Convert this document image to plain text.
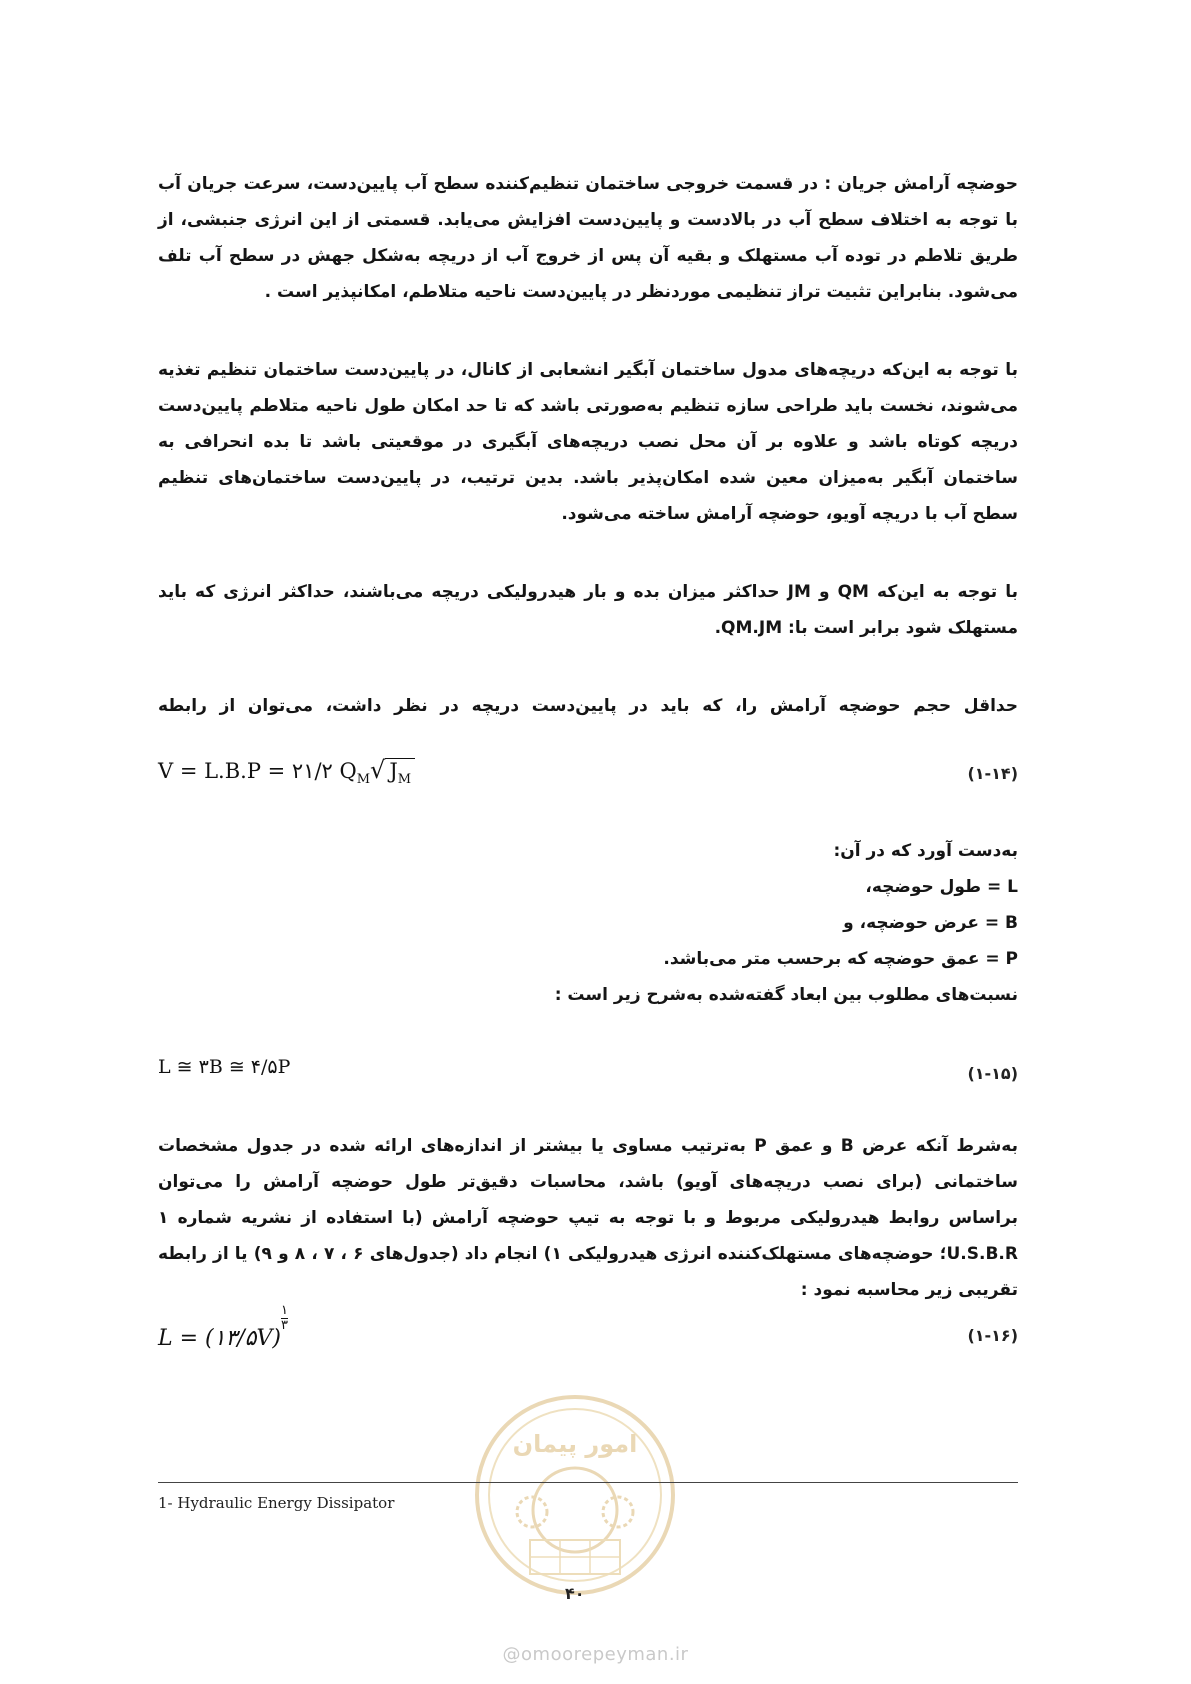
حوضچه آرامش جریان : در قسمت خروجی ساختمان تنظیم‌کننده سطح آب پایین‌دست، سرعت جریان آب با توجه به اختلاف سطح آب در بالادست و پایین‌دست افزایش می‌یابد. قسمتی از این انرژی جنبشی، از طریق تلاطم در توده آب مستهلک و بقیه آن پس از خروج آب از دریچه به‌شکل جهش در سطح آب تلف می‌شود. بنابراین تثبیت تراز تنظیمی موردنظر در پایین‌دست ناحیه متلاطم، امکانپذیر است .
با توجه به این‌که دریچه‌های مدول ساختمان آبگیر انشعابی از کانال، در پایین‌دست ساختمان تنظیم تغذیه می‌شوند، نخست باید طراحی سازه تنظیم به‌صورتی باشد که تا حد امکان طول ناحیه متلاطم پایین‌دست دریچه کوتاه باشد و علاوه بر آن محل نصب دریچه‌های آبگیری در موقعیتی باشد تا بده انحرافی به ساختمان آبگیر به‌میزان معین شده امکان‌پذیر باشد. بدین ترتیب، در پایین‌دست ساختمان‌های تنظیم سطح آب با دریچه آویو، حوضچه آرامش ساخته می‌شود.
با توجه به این‌که QM و JM حداکثر میزان بده و بار هیدرولیکی دریچه می‌باشند، حداکثر انرژی که باید مستهلک شود برابر است با: QM.JM.
حداقل حجم حوضچه آرامش را، که باید در پایین‌دست دریچه در نظر داشت، می‌توان از رابطه
V = L.B.P = ۲۱/۲ $Q_M√$ $J_M$	(۱-۱۴)
به‌دست آورد که در آن:
L = طول حوضچه،
B = عرض حوضچه، و
P = عمق حوضچه که برحسب متر می‌باشد.
نسبت‌های مطلوب بین ابعاد گفته‌شده به‌شرح زیر است :
L ≅ ۳B ≅ ۴/۵P	(۱-۱۵)
به‌شرط آنکه عرض B و عمق P به‌ترتیب مساوی یا بیشتر از اندازه‌های ارائه شده در جدول مشخصات ساختمانی (برای نصب دریچه‌های آویو) باشد، محاسبات دقیق‌تر طول حوضچه آرامش را می‌توان براساس روابط هیدرولیکی مربوط و با توجه به تیپ حوضچه آرامش (با استفاده از نشریه شماره ۱ U.S.B.R؛ حوضچه‌های مستهلک‌کننده انرژی هیدرولیکی ۱) انجام داد (جدول‌های ۶ ، ۷ ، ۸ و ۹) یا از رابطه تقریبی زیر محاسبه نمود :
L = (۱۳/۵V)
۱
۳
(۱-۱۶)
امور پیمان
1- Hydraulic Energy Dissipator
۴۰
@omoorepeyman.ir
